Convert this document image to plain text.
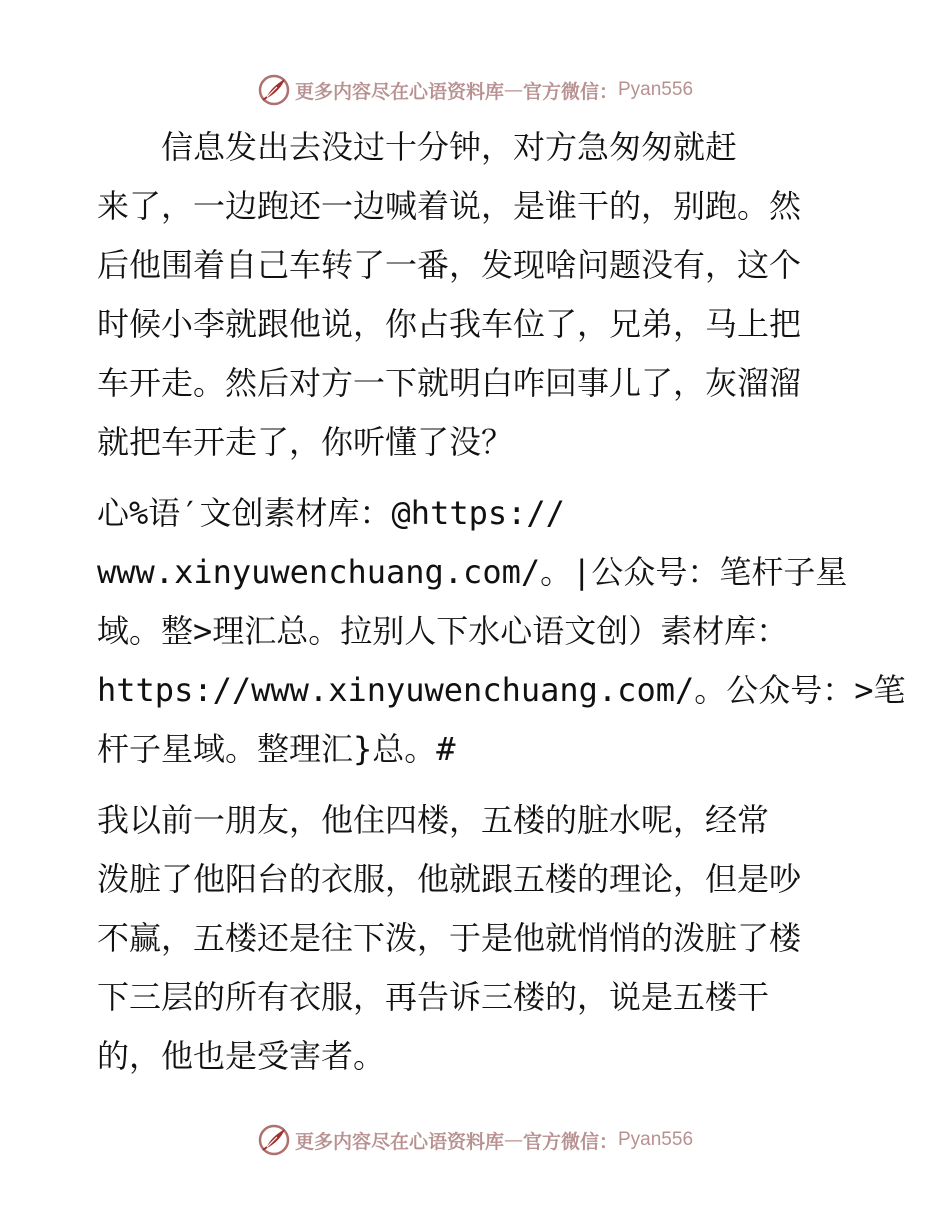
更多内容尽在心语资料库 — 官方微信： Pyan556
　　信息发出去没过十分钟，对方急匆匆就赶
来了，一边跑还一边喊着说，是谁干的，别跑。然
后他围着自己车转了一番，发现啥问题没有，这个
时候小李就跟他说，你占我车位了，兄弟，马上把
车开走。然后对方一下就明白咋回事儿了，灰溜溜
就把车开走了，你听懂了没？
心%语′文创素材库：@https://
www.xinyuwenchuang.com/。|公众号：笔杆子星
域。整>理汇总。拉别人下水心语文创）素材库：
https://www.xinyuwenchuang.com/。公众号：>笔
杆子星域。整理汇}总。#
我以前一朋友，他住四楼，五楼的脏水呢，经常
泼脏了他阳台的衣服，他就跟五楼的理论，但是吵
不赢，五楼还是往下泼，于是他就悄悄的泼脏了楼
下三层的所有衣服，再告诉三楼的，说是五楼干
的，他也是受害者。
更多内容尽在心语资料库 — 官方微信： Pyan556
